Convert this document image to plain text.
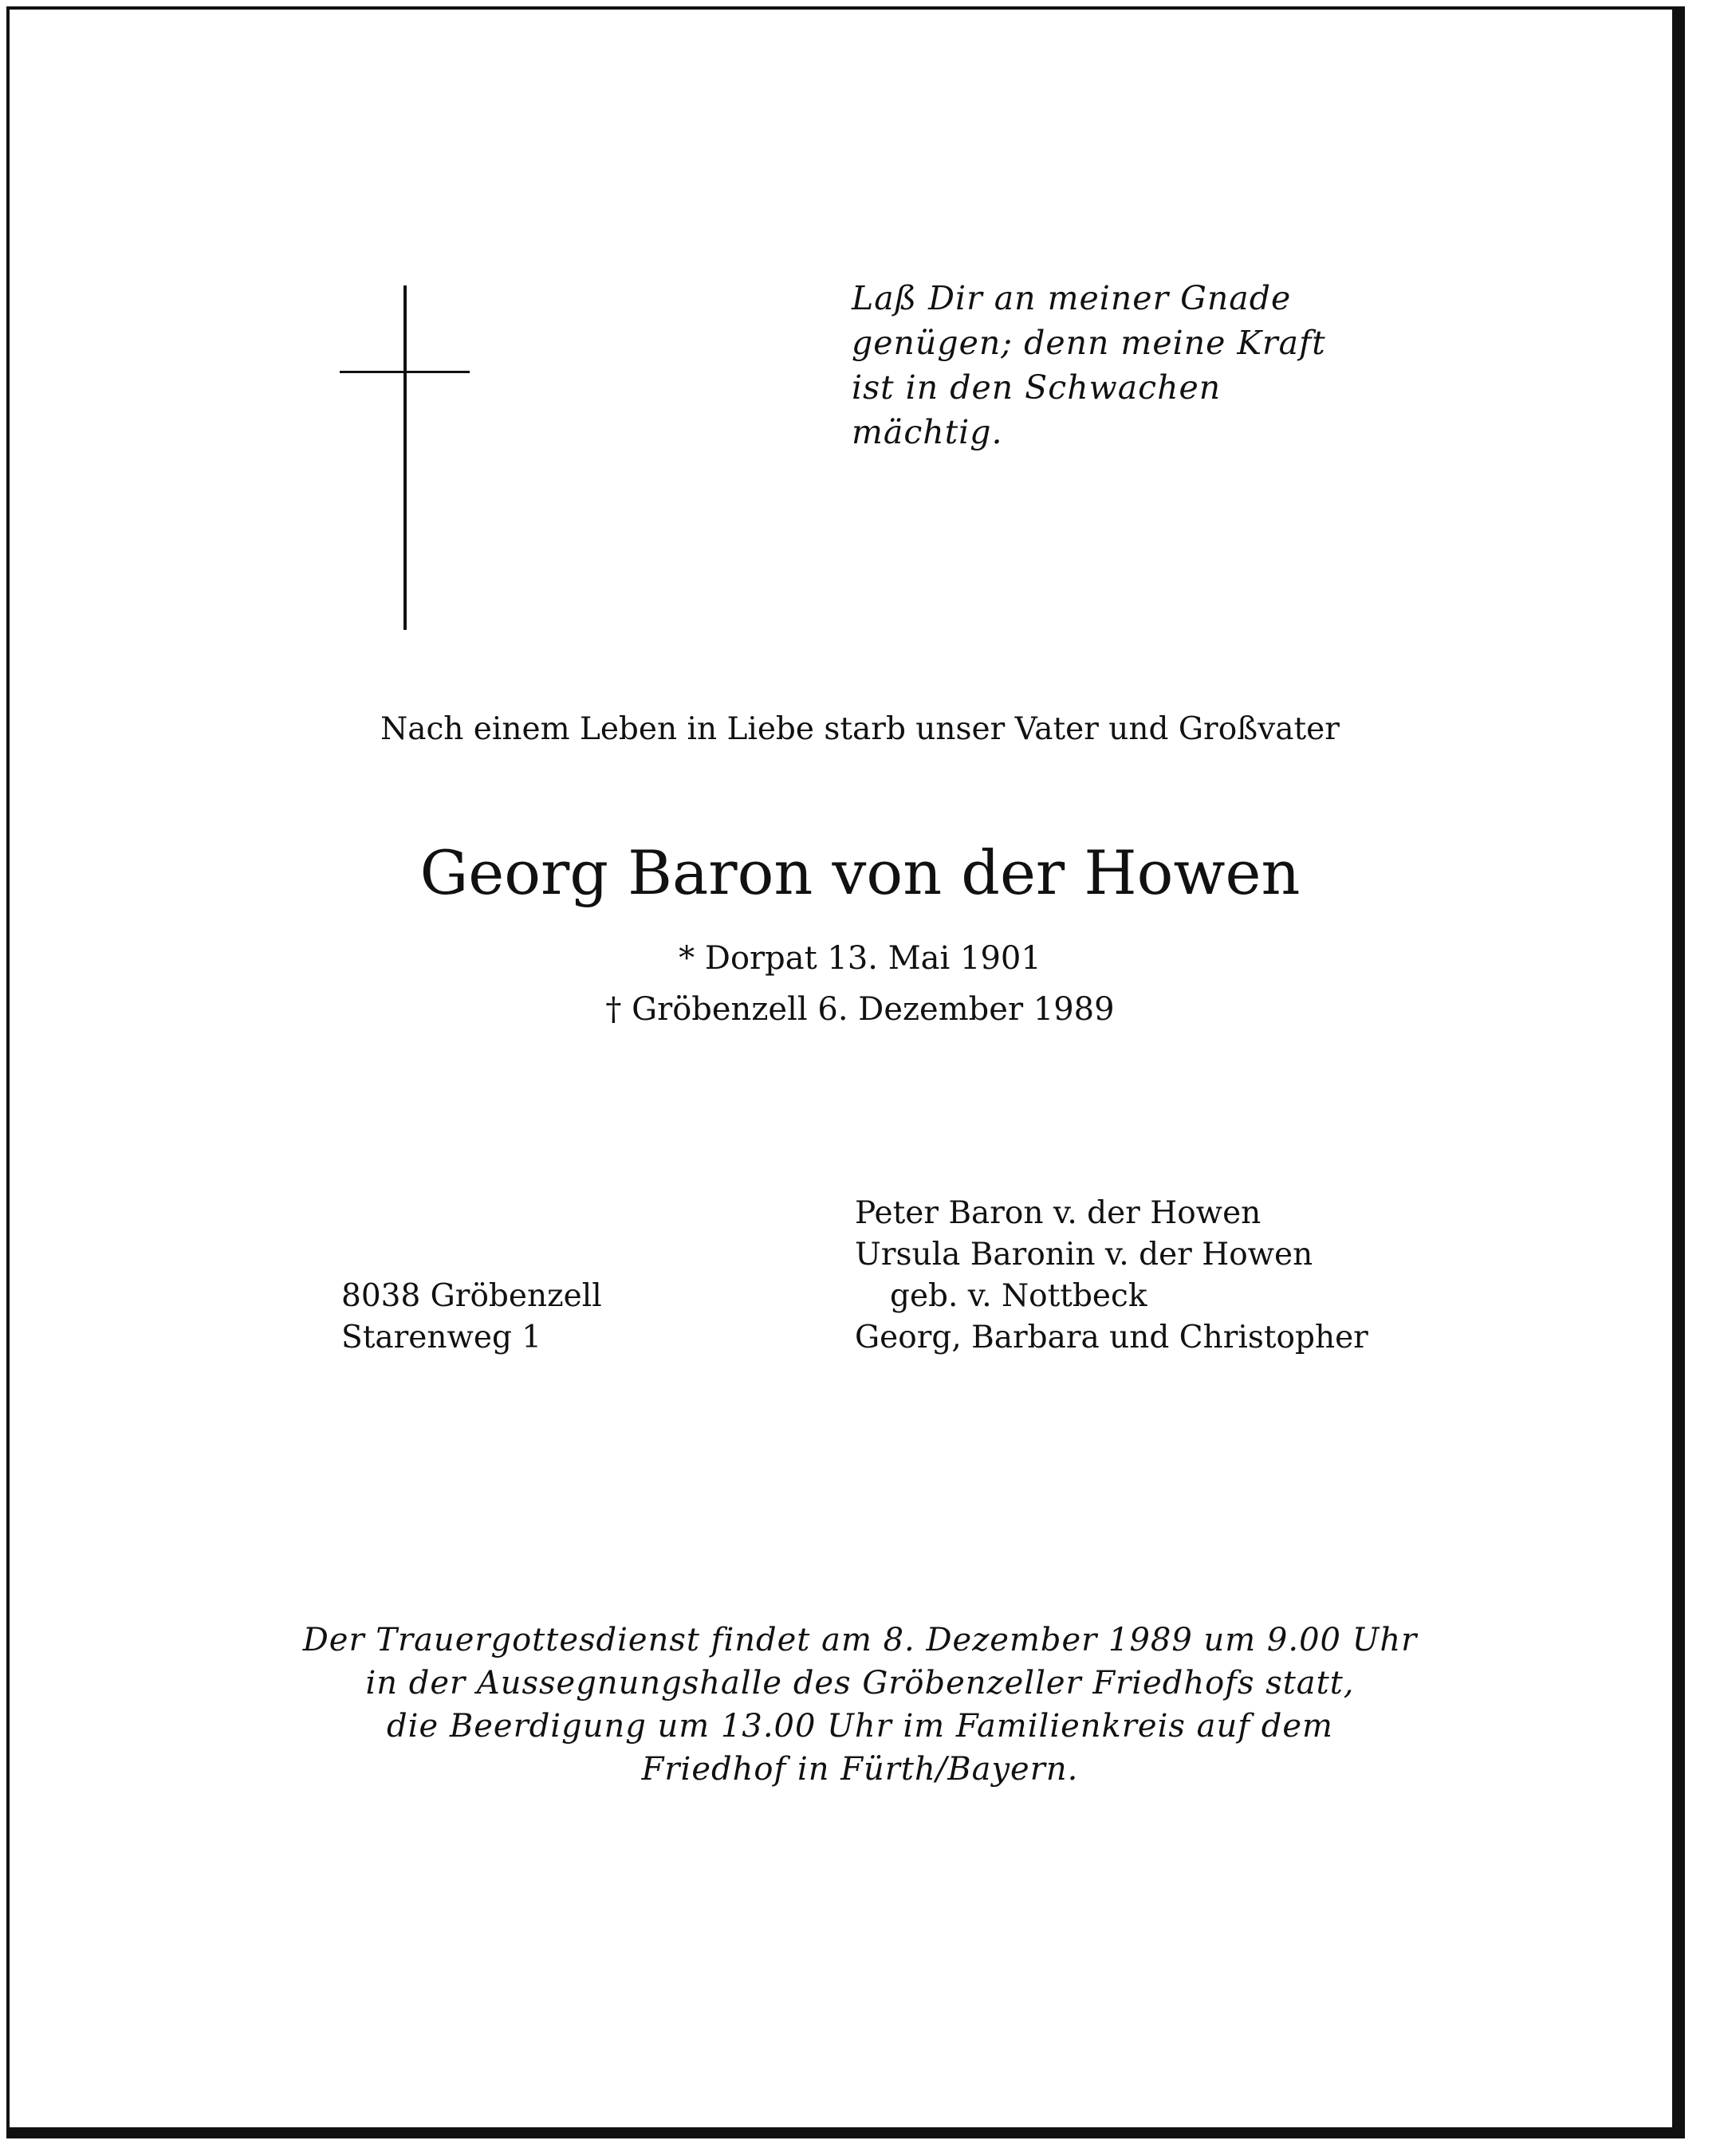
Laß Dir an meiner Gnade
genügen; denn meine Kraft
ist in den Schwachen
mächtig.
Nach einem Leben in Liebe starb unser Vater und Großvater
Georg Baron von der Howen
* Dorpat 13. Mai 1901
† Gröbenzell 6. Dezember 1989
8038 Gröbenzell
Starenweg 1
Peter Baron v. der Howen
Ursula Baronin v. der Howen
geb. v. Nottbeck
Georg, Barbara und Christopher
Der Trauergottesdienst findet am 8. Dezember 1989 um 9.00 Uhr
in der Aussegnungshalle des Gröbenzeller Friedhofs statt,
die Beerdigung um 13.00 Uhr im Familienkreis auf dem
Friedhof in Fürth/Bayern.
